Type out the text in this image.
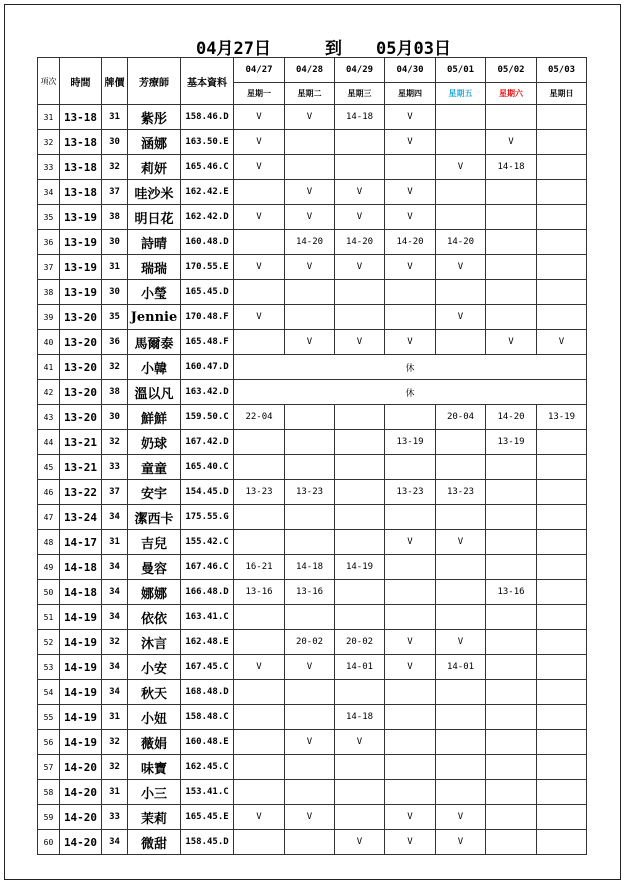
04月27日	到 05月03日
項次	時間	牌價	芳療師	基本資料	04/27	04/28	04/29	04/30	05/01	05/02	05/03
					星期一	星期二	星期三	星期四	星期五	星期六	星期日
31	13-18	31	紫彤	158.46.D	V	V	14-18	V			
32	13-18	30	涵娜	163.50.E	V			V		V	
33	13-18	32	莉妍	165.46.C	V				V	14-18	
34	13-18	37	哇沙米	162.42.E		V	V	V			
35	13-19	38	明日花	162.42.D	V	V	V	V			
36	13-19	30	詩晴	160.48.D		14-20	14-20	14-20	14-20		
37	13-19	31	瑞瑞	170.55.E	V	V	V	V	V		
38	13-19	30	小瑩	165.45.D							
39	13-20	35	Jennie	170.48.F	V				V		
40	13-20	36	馬爾泰	165.48.F		V	V	V		V	V
41	13-20	32	小韓	160.47.D	休						
42	13-20	38	溫以凡	163.42.D	休						
43	13-20	30	鮮鮮	159.50.C	22-04				20-04	14-20	13-19
44	13-21	32	奶球	167.42.D				13-19		13-19	
45	13-21	33	童童	165.40.C							
46	13-22	37	安宇	154.45.D	13-23	13-23		13-23	13-23		
47	13-24	34	潔西卡	175.55.G							
48	14-17	31	吉兒	155.42.C				V	V		
49	14-18	34	曼容	167.46.C	16-21	14-18	14-19				
50	14-18	34	娜娜	166.48.D	13-16	13-16				13-16	
51	14-19	34	依依	163.41.C							
52	14-19	32	沐言	162.48.E		20-02	20-02	V	V		
53	14-19	34	小安	167.45.C	V	V	14-01	V	14-01		
54	14-19	34	秋天	168.48.D							
55	14-19	31	小妞	158.48.C			14-18				
56	14-19	32	薇娟	160.48.E		V	V				
57	14-20	32	味寶	162.45.C							
58	14-20	31	小三	153.41.C							
59	14-20	33	茉莉	165.45.E	V	V		V	V		
60	14-20	34	微甜	158.45.D			V	V	V		
